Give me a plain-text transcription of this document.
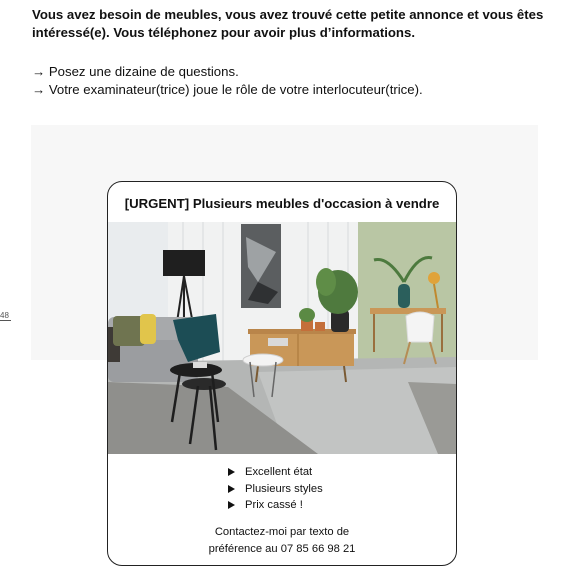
Vous avez besoin de meubles, vous avez trouvé cette petite annonce et vous êtes
intéressé(e). Vous téléphonez pour avoir plus d’informations.
→ Posez une dizaine de questions.
→ Votre examinateur(trice) joue le rôle de votre interlocuteur(trice).
48
[URGENT] Plusieurs meubles d'occasion à vendre
Excellent état
Plusieurs styles
Prix cassé !
Contactez-moi par texto de
préférence au 07 85 66 98 21
